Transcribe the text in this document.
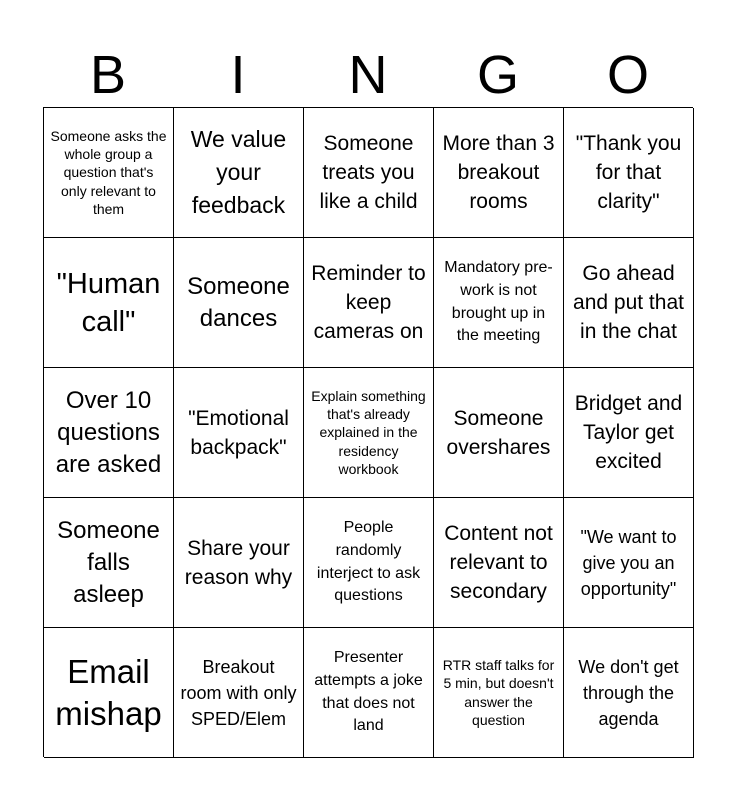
B	I	N	G	O
Someone asks the whole group a question that's only relevant to them
We value your feedback
Someone treats you like a child
More than 3 breakout rooms
"Thank you for that clarity"
"Human call"
Someone dances
Reminder to keep cameras on
Mandatory pre-work is not brought up in the meeting
Go ahead and put that in the chat
Over 10 questions are asked
"Emotional backpack"
Explain something that's already explained in the residency workbook
Someone overshares
Bridget and Taylor get excited
Someone falls asleep
Share your reason why
People randomly interject to ask questions
Content not relevant to secondary
"We want to give you an opportunity"
Email mishap
Breakout room with only SPED/Elem
Presenter attempts a joke that does not land
RTR staff talks for 5 min, but doesn't answer the question
We don't get through the agenda
